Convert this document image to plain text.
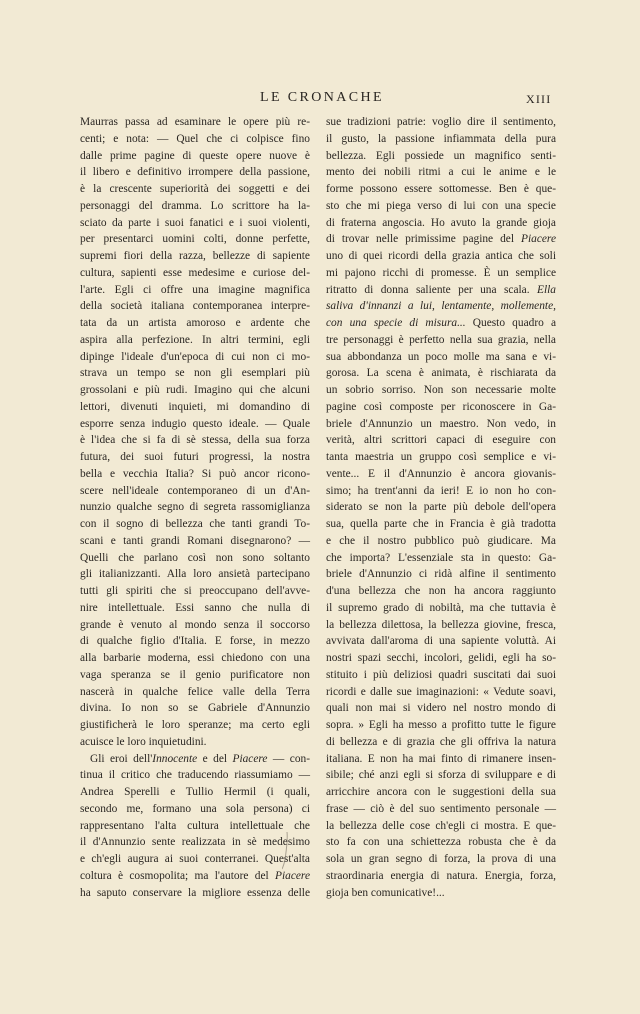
LE CRONACHE	XIII
Maurras passa ad esaminare le opere più re-
centi; e nota: — Quel che ci colpisce fino
dalle prime pagine di queste opere nuove è
il libero e definitivo irrompere della passione,
è la crescente superiorità dei soggetti e dei
personaggi del dramma. Lo scrittore ha la-
sciato da parte i suoi fanatici e i suoi violenti,
per presentarci uomini colti, donne perfette,
supremi fiori della razza, bellezze di sapiente
cultura, sapienti esse medesime e curiose del-
l'arte. Egli ci offre una imagine magnifica
della società italiana contemporanea interpre-
tata da un artista amoroso e ardente che
aspira alla perfezione. In altri termini, egli
dipinge l'ideale d'un'epoca di cui non ci mo-
strava un tempo se non gli esemplari più
grossolani e più rudi. Imagino qui che alcuni
lettori, divenuti inquieti, mi domandino di
esporre senza indugio questo ideale. — Quale
è l'idea che si fa di sè stessa, della sua forza
futura, dei suoi futuri progressi, la nostra
bella e vecchia Italia? Si può ancor ricono-
scere nell'ideale contemporaneo di un d'An-
nunzio qualche segno di segreta rassomiglianza
con il sogno di bellezza che tanti grandi To-
scani e tanti grandi Romani disegnarono? —
Quelli che parlano così non sono soltanto
gli italianizzanti. Alla loro ansietà partecipano
tutti gli spiriti che si preoccupano dell'avve-
nire intellettuale. Essi sanno che nulla di
grande è venuto al mondo senza il soccorso
di qualche figlio d'Italia. E forse, in mezzo
alla barbarie moderna, essi chiedono con una
vaga speranza se il genio purificatore non
nascerà in qualche felice valle della Terra
divina. Io non so se Gabriele d'Annunzio
giustificherà le loro speranze; ma certo egli
acuisce le loro inquietudini.
Gli eroi dell'Innocente e del Piacere — con-
tinua il critico che traducendo riassumiamo —
Andrea Sperelli e Tullio Hermil (i quali,
secondo me, formano una sola persona) ci
rappresentano l'alta cultura intellettuale che
il d'Annunzio sente realizzata in sè medesimo
e ch'egli augura ai suoi conterranei. Quest'alta
coltura è cosmopolita; ma l'autore del Piacere
ha saputo conservare la migliore essenza delle
sue tradizioni patrie: voglio dire il sentimento,
il gusto, la passione infiammata della pura
bellezza. Egli possiede un magnifico senti-
mento dei nobili ritmi a cui le anime e le
forme possono essere sottomesse. Ben è que-
sto che mi piega verso di lui con una specie
di fraterna angoscia. Ho avuto la grande gioja
di trovar nelle primissime pagine del Piacere
uno di quei ricordi della grazia antica che soli
mi pajono ricchi di promesse. È un semplice
ritratto di donna saliente per una scala. Ella
saliva d'innanzi a lui, lentamente, mollemente,
con una specie di misura... Questo quadro a
tre personaggi è perfetto nella sua grazia, nella
sua abbondanza un poco molle ma sana e vi-
gorosa. La scena è animata, è rischiarata da
un sobrio sorriso. Non son necessarie molte
pagine così composte per riconoscere in Ga-
briele d'Annunzio un maestro. Non vedo, in
verità, altri scrittori capaci di eseguire con
tanta maestria un gruppo così semplice e vi-
vente... E il d'Annunzio è ancora giovanis-
simo; ha trent'anni da ieri! E io non ho con-
siderato se non la parte più debole dell'opera
sua, quella parte che in Francia è già tradotta
e che il nostro pubblico può giudicare. Ma
che importa? L'essenziale sta in questo: Ga-
briele d'Annunzio ci ridà alfine il sentimento
d'una bellezza che non ha ancora raggiunto
il supremo grado di nobiltà, ma che tuttavia è
la bellezza dilettosa, la bellezza giovine, fresca,
avvivata dall'aroma di una sapiente voluttà. Ai
nostri spazi secchi, incolori, gelidi, egli ha so-
stituito i più deliziosi quadri suscitati dai suoi
ricordi e dalle sue imaginazioni: « Vedute soavi,
quali non mai si videro nel nostro mondo di
sopra. » Egli ha messo a profitto tutte le figure
di bellezza e di grazia che gli offriva la natura
italiana. E non ha mai finto di rimanere insen-
sibile; ché anzi egli si sforza di sviluppare e di
arricchire ancora con le suggestioni della sua
frase — ciò è del suo sentimento personale —
la bellezza delle cose ch'egli ci mostra. E que-
sto fa con una schiettezza robusta che è da
sola un gran segno di forza, la prova di una
straordinaria energia di natura. Energia, forza,
gioja ben comunicative!...
